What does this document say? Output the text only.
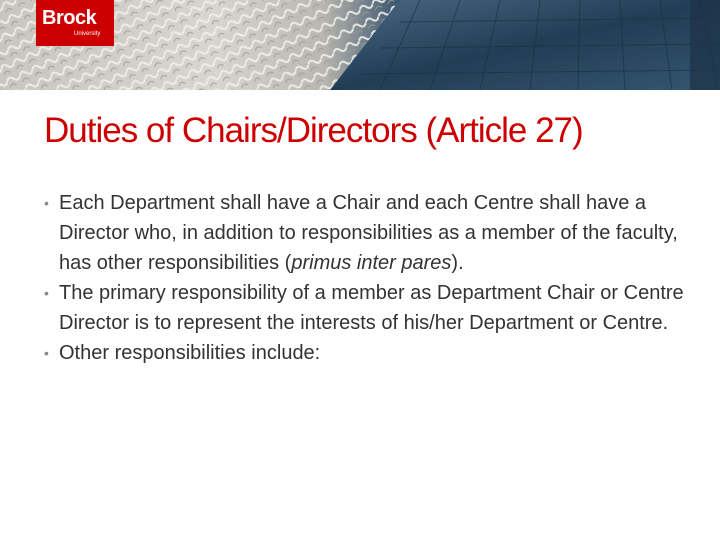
Brock
University
Duties of Chairs/Directors (Article 27)
• Each Department shall have a Chair and each Centre shall have a Director who, in addition to responsibilities as a member of the faculty, has other responsibilities (primus inter pares).
• The primary responsibility of a member as Department Chair or Centre Director is to represent the interests of his/her Department or Centre.
• Other responsibilities include:
